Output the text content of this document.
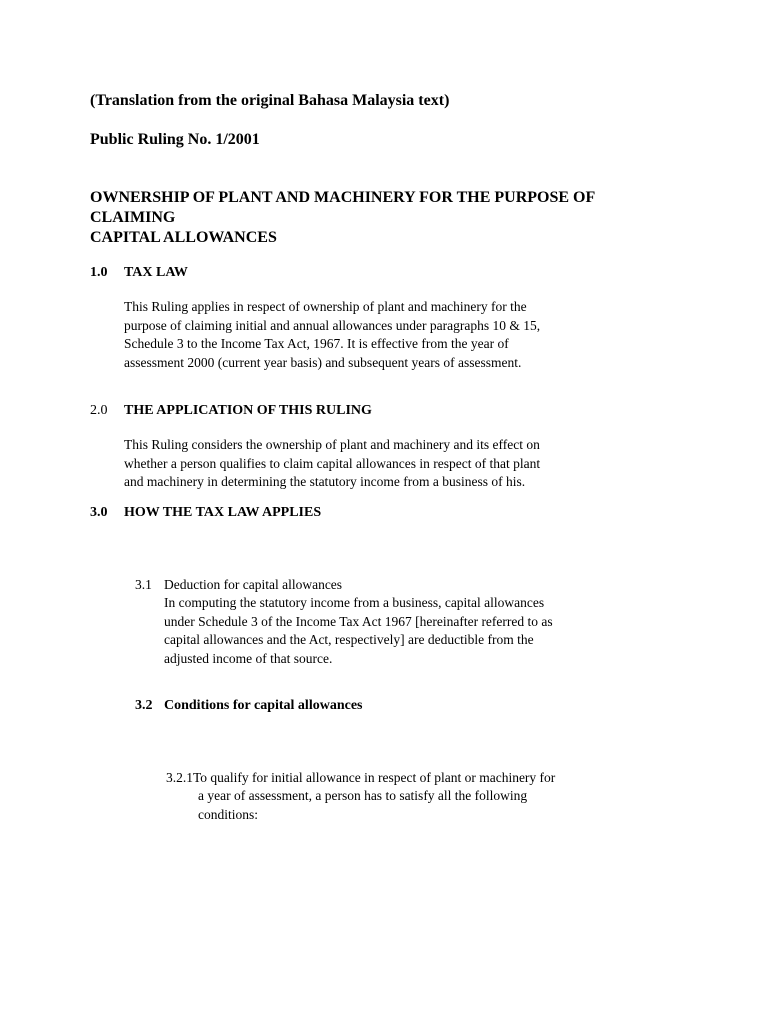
(Translation from the original Bahasa Malaysia text)
Public Ruling No. 1/2001
OWNERSHIP OF PLANT AND MACHINERY FOR THE PURPOSE OF
CLAIMING
CAPITAL ALLOWANCES
1.0 TAX LAW
This Ruling applies in respect of ownership of plant and machinery for the
purpose of claiming initial and annual allowances under paragraphs 10 & 15,
Schedule 3 to the Income Tax Act, 1967. It is effective from the year of
assessment 2000 (current year basis) and subsequent years of assessment.
2.0 THE APPLICATION OF THIS RULING
This Ruling considers the ownership of plant and machinery and its effect on
whether a person qualifies to claim capital allowances in respect of that plant
and machinery in determining the statutory income from a business of his.
3.0 HOW THE TAX LAW APPLIES
3.1 Deduction for capital allowances
In computing the statutory income from a business, capital allowances
under Schedule 3 of the Income Tax Act 1967 [hereinafter referred to as
capital allowances and the Act, respectively] are deductible from the
adjusted income of that source.
3.2 Conditions for capital allowances
3.2.1To qualify for initial allowance in respect of plant or machinery for
a year of assessment, a person has to satisfy all the following
conditions:
